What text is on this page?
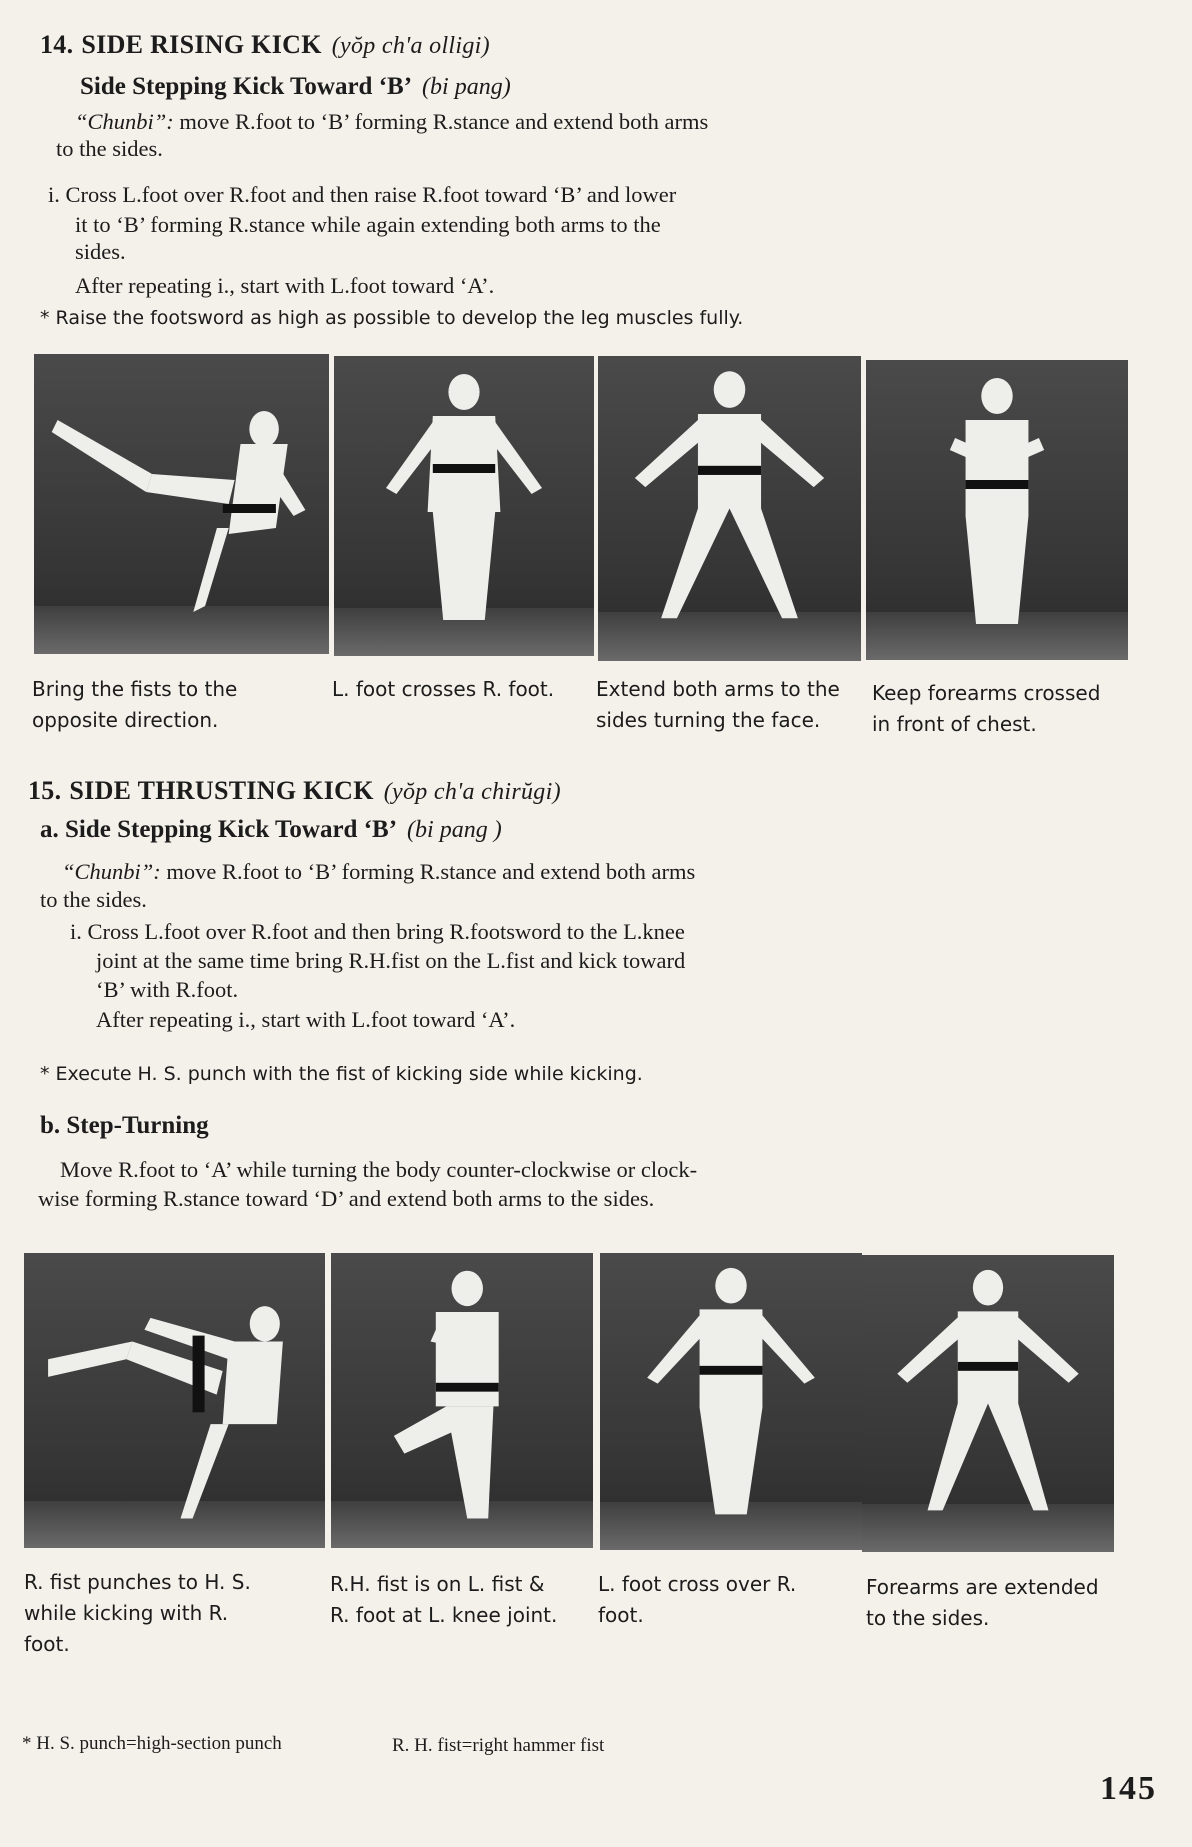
14. SIDE RISING KICK (yŏp ch'a olligi)
Side Stepping Kick Toward ‘B’ (bi pang)
“Chunbi”: move R.foot to ‘B’ forming R.stance and extend both arms
to the sides.
i. Cross L.foot over R.foot and then raise R.foot toward ‘B’ and lower
it to ‘B’ forming R.stance while again extending both arms to the
sides.
After repeating i., start with L.foot toward ‘A’.
* Raise the footsword as high as possible to develop the leg muscles fully.
Bring the fists to the
opposite direction.
L. foot crosses R. foot.	Extend both arms to the
sides turning the face.
Keep forearms crossed
in front of chest.
15. SIDE THRUSTING KICK (yŏp ch'a chirŭgi)
a. Side Stepping Kick Toward ‘B’ (bi pang )
“Chunbi”: move R.foot to ‘B’ forming R.stance and extend both arms
to the sides.
i. Cross L.foot over R.foot and then bring R.footsword to the L.knee
joint at the same time bring R.H.fist on the L.fist and kick toward
‘B’ with R.foot.
After repeating i., start with L.foot toward ‘A’.
* Execute H. S. punch with the fist of kicking side while kicking.
b. Step-Turning
Move R.foot to ‘A’ while turning the body counter-clockwise or clock-
wise forming R.stance toward ‘D’ and extend both arms to the sides.
R. fist punches to H. S.
while kicking with R.
foot.
R.H. fist is on L. fist &
R. foot at L. knee joint.
L. foot cross over R.
foot.
Forearms are extended
to the sides.
* H. S. punch=high-section punch	R. H. fist=right hammer fist
145
